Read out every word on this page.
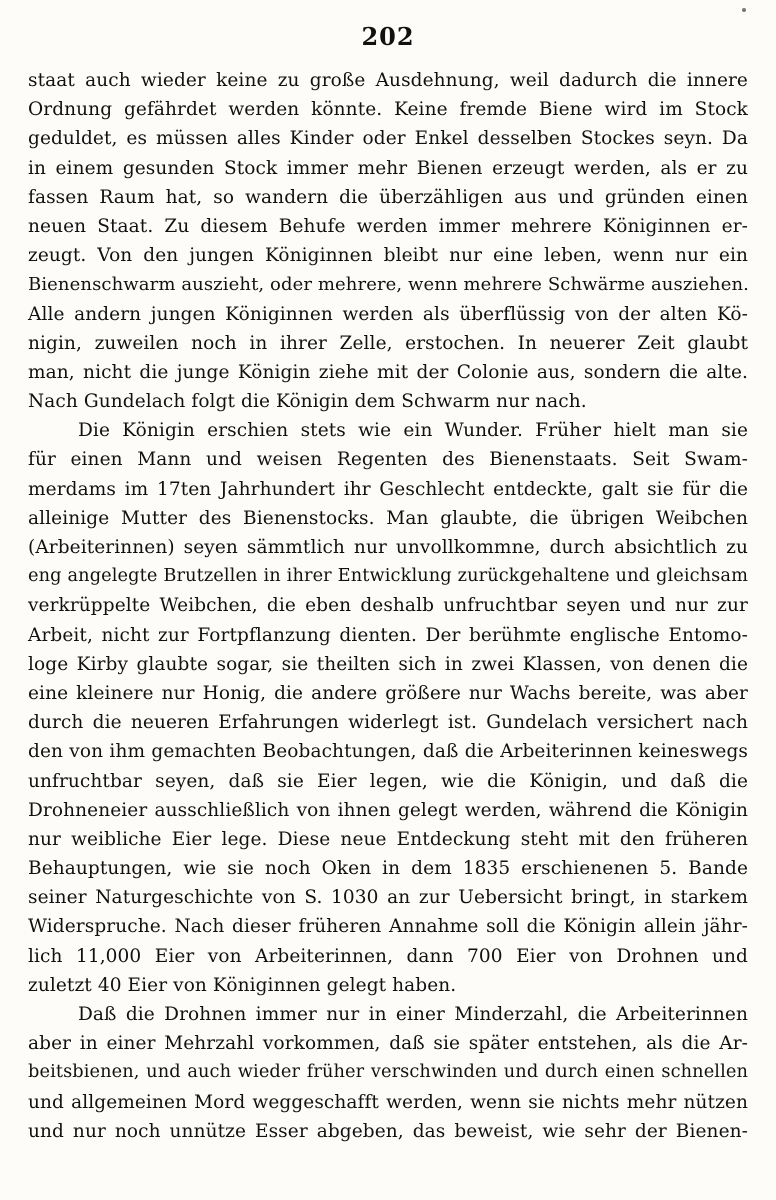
202
staat auch wieder keine zu große Ausdehnung, weil dadurch die innere
Ordnung gefährdet werden könnte. Keine fremde Biene wird im Stock
geduldet, es müssen alles Kinder oder Enkel desselben Stockes seyn. Da
in einem gesunden Stock immer mehr Bienen erzeugt werden, als er zu
fassen Raum hat, so wandern die überzähligen aus und gründen einen
neuen Staat. Zu diesem Behufe werden immer mehrere Königinnen er-
zeugt. Von den jungen Königinnen bleibt nur eine leben, wenn nur ein
Bienenschwarm auszieht, oder mehrere, wenn mehrere Schwärme ausziehen.
Alle andern jungen Königinnen werden als überflüssig von der alten Kö-
nigin, zuweilen noch in ihrer Zelle, erstochen. In neuerer Zeit glaubt
man, nicht die junge Königin ziehe mit der Colonie aus, sondern die alte.
Nach Gundelach folgt die Königin dem Schwarm nur nach.
Die Königin erschien stets wie ein Wunder. Früher hielt man sie
für einen Mann und weisen Regenten des Bienenstaats. Seit Swam-
merdams im 17ten Jahrhundert ihr Geschlecht entdeckte, galt sie für die
alleinige Mutter des Bienenstocks. Man glaubte, die übrigen Weibchen
(Arbeiterinnen) seyen sämmtlich nur unvollkommne, durch absichtlich zu
eng angelegte Brutzellen in ihrer Entwicklung zurückgehaltene und gleichsam
verkrüppelte Weibchen, die eben deshalb unfruchtbar seyen und nur zur
Arbeit, nicht zur Fortpflanzung dienten. Der berühmte englische Entomo-
loge Kirby glaubte sogar, sie theilten sich in zwei Klassen, von denen die
eine kleinere nur Honig, die andere größere nur Wachs bereite, was aber
durch die neueren Erfahrungen widerlegt ist. Gundelach versichert nach
den von ihm gemachten Beobachtungen, daß die Arbeiterinnen keineswegs
unfruchtbar seyen, daß sie Eier legen, wie die Königin, und daß die
Drohneneier ausschließlich von ihnen gelegt werden, während die Königin
nur weibliche Eier lege. Diese neue Entdeckung steht mit den früheren
Behauptungen, wie sie noch Oken in dem 1835 erschienenen 5. Bande
seiner Naturgeschichte von S. 1030 an zur Uebersicht bringt, in starkem
Widerspruche. Nach dieser früheren Annahme soll die Königin allein jähr-
lich 11,000 Eier von Arbeiterinnen, dann 700 Eier von Drohnen und
zuletzt 40 Eier von Königinnen gelegt haben.
Daß die Drohnen immer nur in einer Minderzahl, die Arbeiterinnen
aber in einer Mehrzahl vorkommen, daß sie später entstehen, als die Ar-
beitsbienen, und auch wieder früher verschwinden und durch einen schnellen
und allgemeinen Mord weggeschafft werden, wenn sie nichts mehr nützen
und nur noch unnütze Esser abgeben, das beweist, wie sehr der Bienen-
